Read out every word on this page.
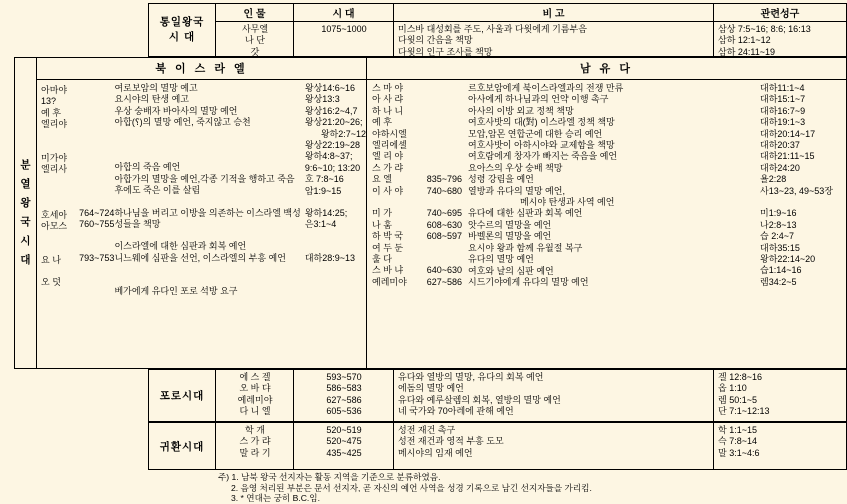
통일왕국
시 대
인 물
사무엘
나 단
갓
시 대
1075~1000
비 고
미스바 대성회를 주도, 사울과 다윗에게 기름부음
다윗의 간음을 책망
다윗의 인구 조사를 책망
관련성구
삼상 7:5~16; 8:6; 16:13
삼하 12:1~12
삼하 24:11~19
분
열
왕
국
시
대
북 이 스 라 엘
아마야
13?
예 후
엘리야
미가야
엘리사
호세아
아모스
요 나
오 덧

764~724
760~755

793~753
여로보암의 멸망 예고
요시야의 탄생 예고
우상 숭배자 바아사의 멸망 예언
아합(؟)의 멸망 예언, 죽지않고 승천

아합의 죽음 예언
아합가의 멸망을 예언,각종 기적을 행하고 죽음
후에도 죽은 이를 살림
하나님을 버리고 이방을 의존하는 이스라엘 백성
성들을 책망
이스라엘에 대한 심판과 회복 예언
니느웨에 심판을 선언, 이스라엘의 부흥 예언
베가에게 유다인 포로 석방 요구
왕상14:6~16
왕상13:3
왕상16:2~4,7
왕상21:20~26;
왕하2:7~12
왕상22:19~28
왕하4:8~37;
9:6~10; 13:20
호 7:8~16
암1:9~15
왕하14:25;
은3:1~4
대하28:9~13
남 유 다
스 마 야
아 사 랴
하 나 니
예 후
야하시엘
엘리에셀
엘 리 야
스 가 랴
요 엘
이 사 야

미 가
나 훔
하 박 국
여 두 둔
훌 다
스 바 냐
예레미야

835~796
740~680

740~695
608~630
608~597

640~630
627~586
르호보암에게 북이스라엘과의 전쟁 만류
아사에게 하나님과의 언약 이행 촉구
아사의 이방 외교 정책 책망
여호사밧의 대(對) 이스라엘 정책 책망
모압,암몬 연합군에 대한 승리 예언
여호사밧이 아하시야와 교제함을 책망
여호람에게 창자가 빠지는 죽음을 예언
요아스의 우상 숭배 책망
성령 강림을 예언
열방과 유다의 멸망 예언,
메시야 탄생과 사역 예언
유다에 대한 심판과 회복 예언
앗수르의 멸망을 예언
바벨론의 멸망을 예언
요시야 왕과 함께 유월절 복구
유다의 멸망 예언
여호와 날의 심판 예언
시드기야에게 유다의 멸망 예언
대하11:1~4
대하15:1~7
대하16:7~9
대하19:1~3
대하20:14~17
대하20:37
대하21:11~15
대하24:20
욜2:28
사13~23, 49~53장

미1:9~16
나2:8~13
습 2:4~7
대하35:15
왕하22:14~20
습1:14~16
렘34:2~5
포로시대
에 스 겔
오 바 댜
예레미야
다 니 엘
593~570
586~583
627~586
605~536
유다와 열방의 멸망, 유다의 회복 예언
에돔의 멸망 예언
유다와 예루살렘의 회복, 열방의 멸망 예언
네 국가와 70아레에 관해 예언
겔 12:8~16
옵 1:10
렘 50:1~5
단 7:1~12:13
귀환시대
학 개
스 가 랴
말 라 기
520~519
520~475
435~425
성전 재건 촉구
성전 재건과 영적 부흥 도모
메시야의 임재 예언
학 1:1~15
슥 7:8~14
말 3:1~4:6
주) 1. 남북 왕국 선지자는 활동 지역을 기준으로 분류하였음.
2. 음영 처리된 부분은 문서 선지자, 곧 자신의 예언 사역을 성경 기록으로 남긴 선지자들을 가리킴.
3. * 연대는 궁히 B.C.임.
